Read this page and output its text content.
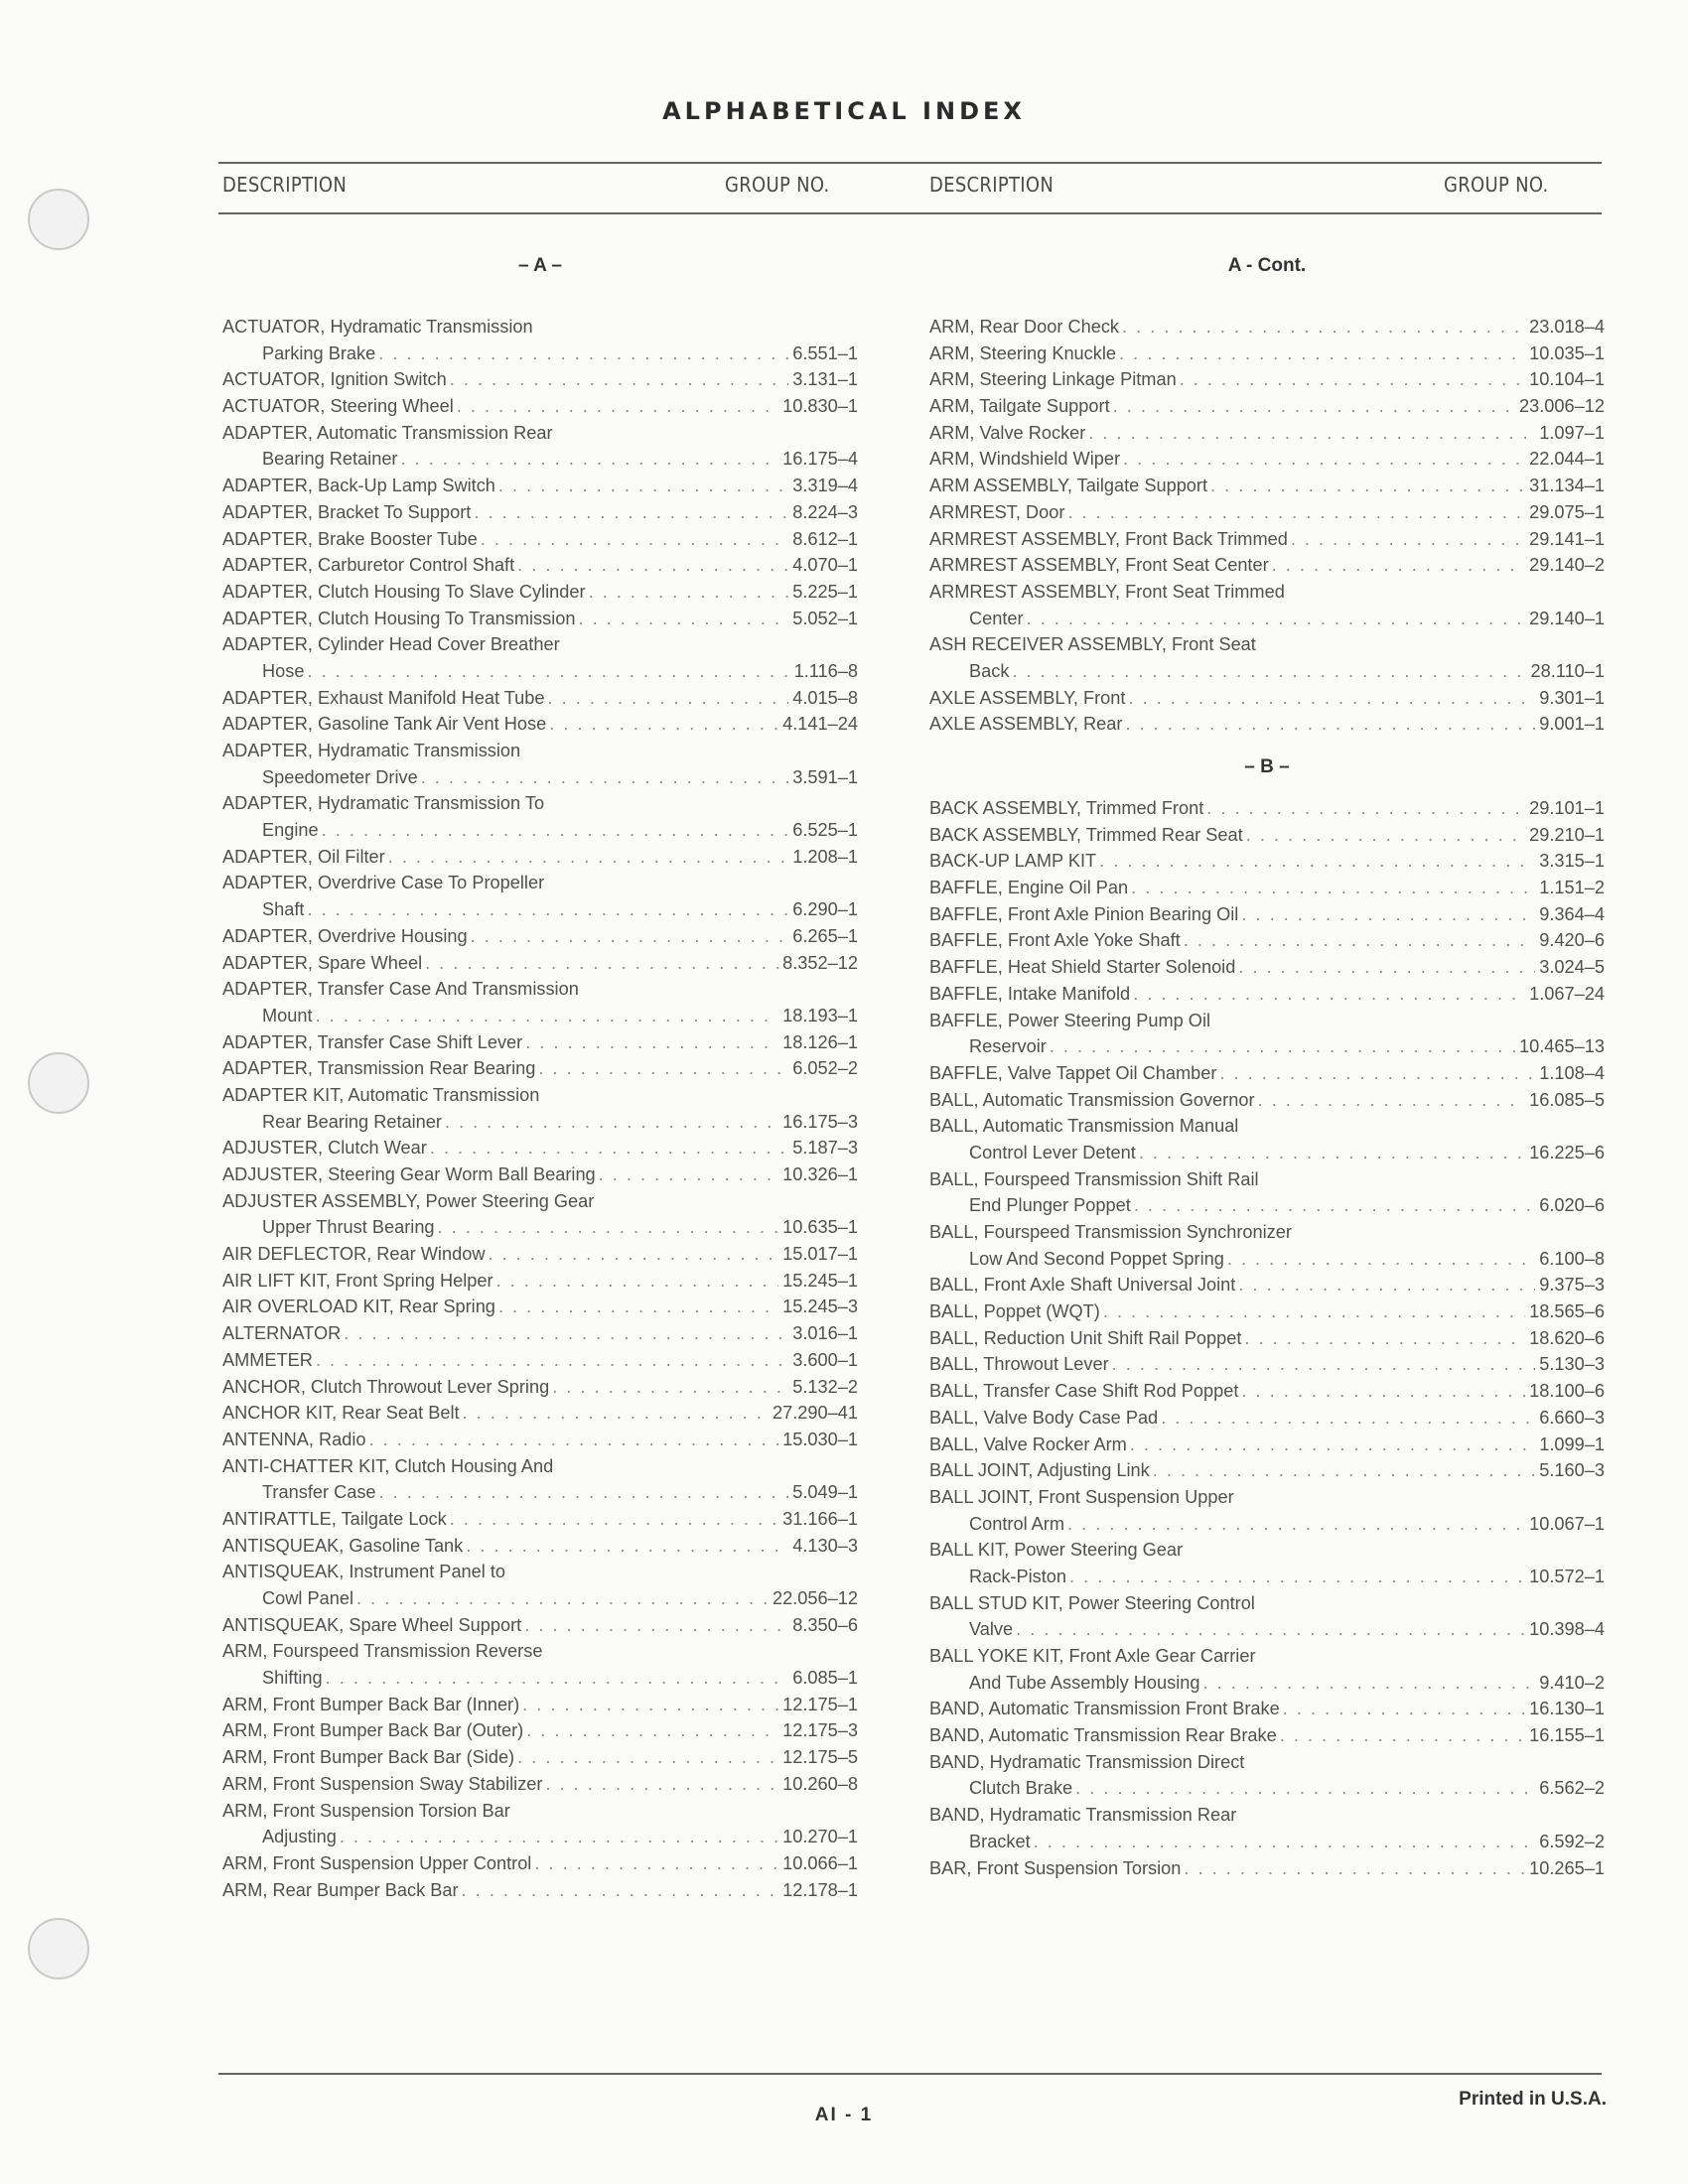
ALPHABETICAL INDEX
DESCRIPTION	GROUP NO.	DESCRIPTION	GROUP NO.
– A –
ACTUATOR, Hydramatic Transmission
Parking Brake . . .	6.551–1
ACTUATOR, Ignition Switch . . .	3.131–1
ACTUATOR, Steering Wheel . . .	10.830–1
ADAPTER, Automatic Transmission Rear
Bearing Retainer . . .	16.175–4
ADAPTER, Back-Up Lamp Switch . . .	3.319–4
ADAPTER, Bracket To Support . . .	8.224–3
ADAPTER, Brake Booster Tube . . .	8.612–1
ADAPTER, Carburetor Control Shaft . . .	4.070–1
ADAPTER, Clutch Housing To Slave Cylinder . . .	5.225–1
ADAPTER, Clutch Housing To Transmission . . .	5.052–1
ADAPTER, Cylinder Head Cover Breather
Hose . . .	1.116–8
ADAPTER, Exhaust Manifold Heat Tube . . .	4.015–8
ADAPTER, Gasoline Tank Air Vent Hose . . .	4.141–24
ADAPTER, Hydramatic Transmission
Speedometer Drive . . .	3.591–1
ADAPTER, Hydramatic Transmission To
Engine . . .	6.525–1
ADAPTER, Oil Filter . . .	1.208–1
ADAPTER, Overdrive Case To Propeller
Shaft . . .	6.290–1
ADAPTER, Overdrive Housing . . .	6.265–1
ADAPTER, Spare Wheel . . .	8.352–12
ADAPTER, Transfer Case And Transmission
Mount . . .	18.193–1
ADAPTER, Transfer Case Shift Lever . . .	18.126–1
ADAPTER, Transmission Rear Bearing . . .	6.052–2
ADAPTER KIT, Automatic Transmission
Rear Bearing Retainer . . .	16.175–3
ADJUSTER, Clutch Wear . . .	5.187–3
ADJUSTER, Steering Gear Worm Ball Bearing . . .	10.326–1
ADJUSTER ASSEMBLY, Power Steering Gear
Upper Thrust Bearing . . .	10.635–1
AIR DEFLECTOR, Rear Window . . .	15.017–1
AIR LIFT KIT, Front Spring Helper . . .	15.245–1
AIR OVERLOAD KIT, Rear Spring . . .	15.245–3
ALTERNATOR . . .	3.016–1
AMMETER . . .	3.600–1
ANCHOR, Clutch Throwout Lever Spring . . .	5.132–2
ANCHOR KIT, Rear Seat Belt . . .	27.290–41
ANTENNA, Radio . . .	15.030–1
ANTI-CHATTER KIT, Clutch Housing And
Transfer Case . . .	5.049–1
ANTIRATTLE, Tailgate Lock . . .	31.166–1
ANTISQUEAK, Gasoline Tank . . .	4.130–3
ANTISQUEAK, Instrument Panel to
Cowl Panel . . .	22.056–12
ANTISQUEAK, Spare Wheel Support . . .	8.350–6
ARM, Fourspeed Transmission Reverse
Shifting . . .	6.085–1
ARM, Front Bumper Back Bar (Inner) . . .	12.175–1
ARM, Front Bumper Back Bar (Outer) . . .	12.175–3
ARM, Front Bumper Back Bar (Side) . . .	12.175–5
ARM, Front Suspension Sway Stabilizer . . .	10.260–8
ARM, Front Suspension Torsion Bar
Adjusting . . .	10.270–1
ARM, Front Suspension Upper Control . . .	10.066–1
ARM, Rear Bumper Back Bar . . .	12.178–1
A - Cont.
ARM, Rear Door Check . . .	23.018–4
ARM, Steering Knuckle . . .	10.035–1
ARM, Steering Linkage Pitman . . .	10.104–1
ARM, Tailgate Support . . .	23.006–12
ARM, Valve Rocker . . .	1.097–1
ARM, Windshield Wiper . . .	22.044–1
ARM ASSEMBLY, Tailgate Support . . .	31.134–1
ARMREST, Door . . .	29.075–1
ARMREST ASSEMBLY, Front Back Trimmed . . .	29.141–1
ARMREST ASSEMBLY, Front Seat Center . . .	29.140–2
ARMREST ASSEMBLY, Front Seat Trimmed
Center . . .	29.140–1
ASH RECEIVER ASSEMBLY, Front Seat
Back . . .	28.110–1
AXLE ASSEMBLY, Front . . .	9.301–1
AXLE ASSEMBLY, Rear . . .	9.001–1
– B –
BACK ASSEMBLY, Trimmed Front . . .	29.101–1
BACK ASSEMBLY, Trimmed Rear Seat . . .	29.210–1
BACK-UP LAMP KIT . . .	3.315–1
BAFFLE, Engine Oil Pan . . .	1.151–2
BAFFLE, Front Axle Pinion Bearing Oil . . .	9.364–4
BAFFLE, Front Axle Yoke Shaft . . .	9.420–6
BAFFLE, Heat Shield Starter Solenoid . . .	3.024–5
BAFFLE, Intake Manifold . . .	1.067–24
BAFFLE, Power Steering Pump Oil
Reservoir . . .	10.465–13
BAFFLE, Valve Tappet Oil Chamber . . .	1.108–4
BALL, Automatic Transmission Governor . . .	16.085–5
BALL, Automatic Transmission Manual
Control Lever Detent . . .	16.225–6
BALL, Fourspeed Transmission Shift Rail
End Plunger Poppet . . .	6.020–6
BALL, Fourspeed Transmission Synchronizer
Low And Second Poppet Spring . . .	6.100–8
BALL, Front Axle Shaft Universal Joint . . .	9.375–3
BALL, Poppet (WQT) . . .	18.565–6
BALL, Reduction Unit Shift Rail Poppet . . .	18.620–6
BALL, Throwout Lever . . .	5.130–3
BALL, Transfer Case Shift Rod Poppet . . .	18.100–6
BALL, Valve Body Case Pad . . .	6.660–3
BALL, Valve Rocker Arm . . .	1.099–1
BALL JOINT, Adjusting Link . . .	5.160–3
BALL JOINT, Front Suspension Upper
Control Arm . . .	10.067–1
BALL KIT, Power Steering Gear
Rack-Piston . . .	10.572–1
BALL STUD KIT, Power Steering Control
Valve . . .	10.398–4
BALL YOKE KIT, Front Axle Gear Carrier
And Tube Assembly Housing . . .	9.410–2
BAND, Automatic Transmission Front Brake . . .	16.130–1
BAND, Automatic Transmission Rear Brake . . .	16.155–1
BAND, Hydramatic Transmission Direct
Clutch Brake . . .	6.562–2
BAND, Hydramatic Transmission Rear
Bracket . . .	6.592–2
BAR, Front Suspension Torsion . . .	10.265–1
Printed in U.S.A.
AI - 1
